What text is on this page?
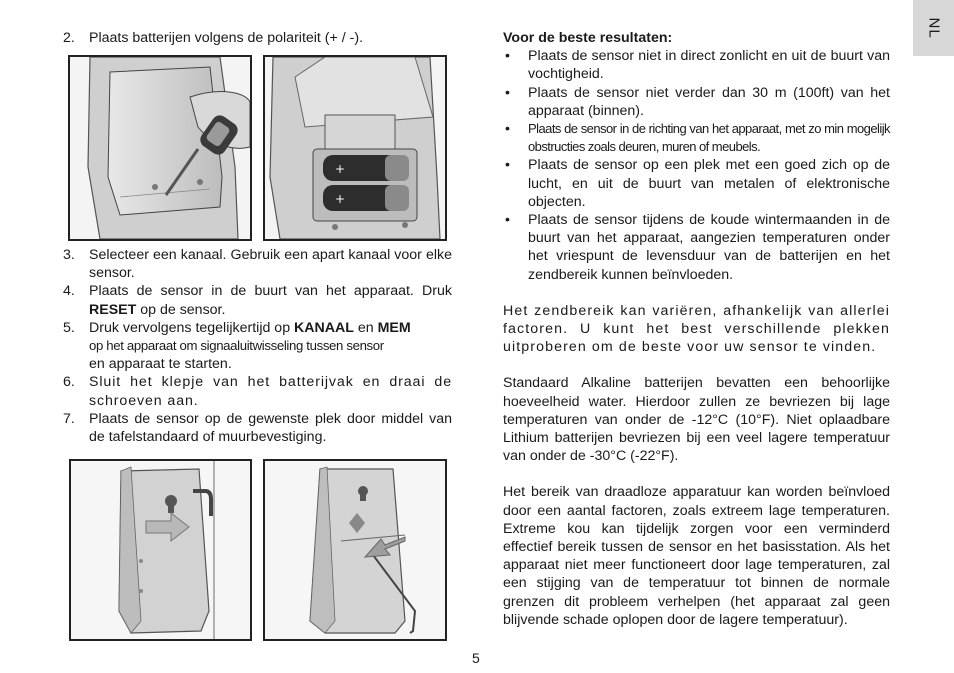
2. Plaats batterijen volgens de polariteit (+ / -).
+
+
3. Selecteer een kanaal. Gebruik een apart kanaal voor elke sensor.
4. Plaats de sensor in de buurt van het apparaat. Druk RESET op de sensor.
5. Druk vervolgens tegelijkertijd op KANAAL en MEM
op het apparaat om signaaluitwisseling tussen sensor
en apparaat te starten.
6. Sluit het klepje van het batterijvak en draai de schroeven aan.
7. Plaats de sensor op de gewenste plek door middel van de tafelstandaard of muurbevestiging.
Voor de beste resultaten:
• Plaats de sensor niet in direct zonlicht en uit de buurt van vochtigheid.
• Plaats de sensor niet verder dan 30 m (100ft) van het apparaat (binnen).
• Plaats de sensor in de richting van het apparaat, met zo min mogelijk obstructies zoals deuren, muren of meubels.
• Plaats de sensor op een plek met een goed zich op de lucht, en uit de buurt van metalen of elektronische objecten.
• Plaats de sensor tijdens de koude wintermaanden in de buurt van het apparaat, aangezien temperaturen onder het vriespunt de levensduur van de batterijen en het zendbereik kunnen beïnvloeden.

Het zendbereik kan variëren, afhankelijk van allerlei factoren. U kunt het best verschillende plekken uitproberen om de beste voor uw sensor te vinden.

Standaard Alkaline batterijen bevatten een behoorlijke hoeveelheid water. Hierdoor zullen ze bevriezen bij lage temperaturen van onder de -12°C (10°F). Niet oplaadbare Lithium batterijen bevriezen bij een veel lagere temperatuur van onder de -30°C (-22°F).

Het bereik van draadloze apparatuur kan worden beïnvloed door een aantal factoren, zoals extreem lage temperaturen. Extreme kou kan tijdelijk zorgen voor een verminderd effectief bereik tussen de sensor en het basisstation. Als het apparaat niet meer functioneert door lage temperaturen, zal een stijging van de temperatuur tot binnen de normale grenzen dit probleem verhelpen (het apparaat zal geen blijvende schade oplopen door de lagere temperatuur).

5
NL
